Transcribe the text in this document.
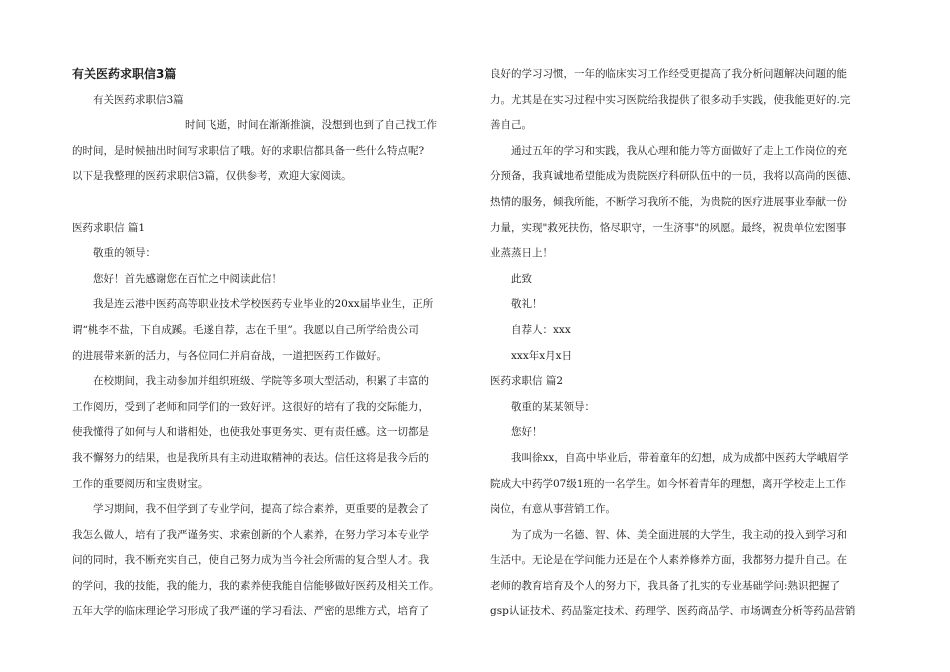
有关医药求职信3篇

有关医药求职信3篇

时间飞逝，时间在渐渐推演，没想到也到了自己找工作

的时间，是时候抽出时间写求职信了哦。好的求职信都具备一些什么特点呢?

以下是我整理的医药求职信3篇，仅供参考，欢迎大家阅读。

医药求职信 篇1

敬重的领导：

您好！首先感谢您在百忙之中阅读此信！

我是连云港中医药高等职业技术学校医药专业毕业的20xx届毕业生，正所

谓“桃李不盐，下自成蹊。毛遂自荐，志在千里”。我愿以自己所学给贵公司

的进展带来新的活力，与各位同仁并肩奋战，一道把医药工作做好。

在校期间，我主动参加并组织班级、学院等多项大型活动，积累了丰富的

工作阅历，受到了老师和同学们的一致好评。这很好的培有了我的交际能力，

使我懂得了如何与人和谐相处，也使我处事更务实、更有责任感。这一切都是

我不懈努力的结果，也是我所具有主动进取精神的表达。信任这将是我今后的

工作的重要阅历和宝贵财宝。

学习期间，我不但学到了专业学问，提高了综合素养，更重要的是教会了

我怎么做人，培有了我严谨务实、求索创新的个人素养，在努力学习本专业学

问的同时，我不断充实自己，使自己努力成为当今社会所需的复合型人才。我

的学问，我的技能，我的能力，我的素养使我能自信能够做好医药及相关工作。

五年大学的临床理论学习形成了我严谨的学习看法、严密的思维方式，培育了

良好的学习习惯，一年的临床实习工作经受更提高了我分析问题解决问题的能

力。尤其是在实习过程中实习医院给我提供了很多动手实践，使我能更好的.完

善自己。

通过五年的学习和实践，我从心理和能力等方面做好了走上工作岗位的充

分预备，我真诚地希望能成为贵院医疗科研队伍中的一员，我将以高尚的医德、

热情的服务，倾我所能，不断学习我所不能，为贵院的医疗进展事业奉献一份

力量，实现"救死扶伤，恪尽职守，一生济事"的夙愿。最终，祝贵单位宏图事

业蒸蒸日上！

此致

敬礼！

自荐人：xxx

xxx年x月x日

医药求职信 篇2

敬重的某某领导：

您好！

我叫徐xx，自高中毕业后，带着童年的幻想，成为成都中医药大学峨眉学

院成大中药学07级1班的一名学生。如今怀着青年的理想，离开学校走上工作

岗位，有意从事营销工作。

为了成为一名德、智、体、美全面进展的大学生，我主动的投入到学习和

生活中。无论是在学问能力还是在个人素养修养方面，我都努力提升自己。在

老师的教育培育及个人的努力下，我具备了扎实的专业基础学问:熟识把握了

gsp认证技术、药品鉴定技术、药理学、医药商品学、市场调查分析等药品营销
